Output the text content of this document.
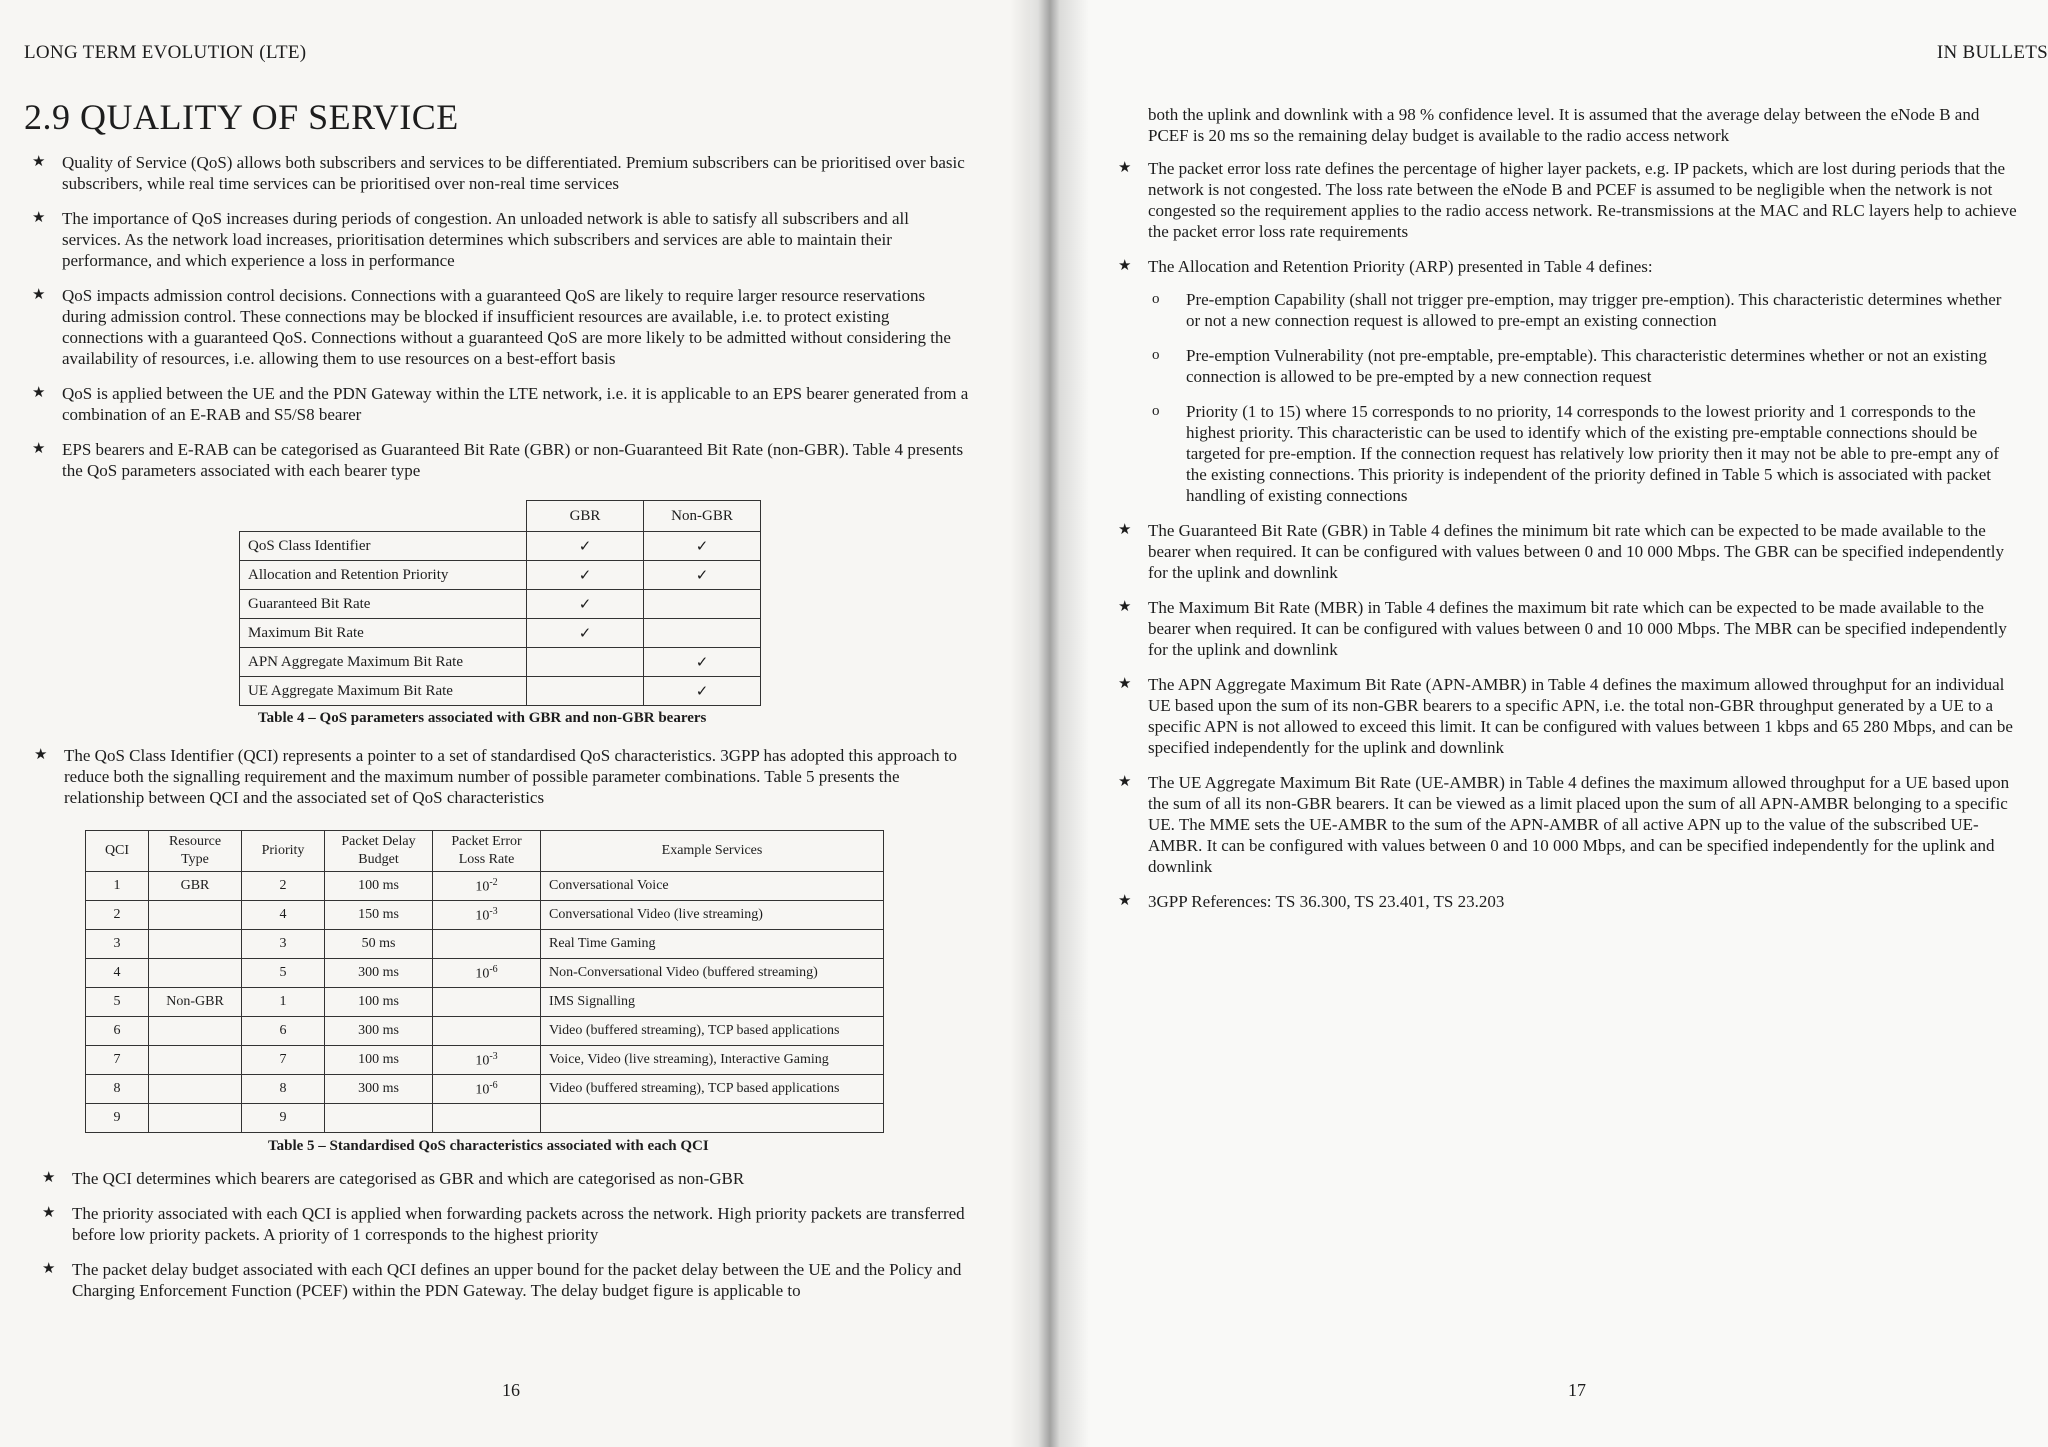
LONG TERM EVOLUTION (LTE)
2.9 QUALITY OF SERVICE
★ Quality of Service (QoS) allows both subscribers and services to be differentiated. Premium subscribers can be prioritised over basic subscribers, while real time services can be prioritised over non-real time services
★ The importance of QoS increases during periods of congestion. An unloaded network is able to satisfy all subscribers and all services. As the network load increases, prioritisation determines which subscribers and services are able to maintain their performance, and which experience a loss in performance
★ QoS impacts admission control decisions. Connections with a guaranteed QoS are likely to require larger resource reservations during admission control. These connections may be blocked if insufficient resources are available, i.e. to protect existing connections with a guaranteed QoS. Connections without a guaranteed QoS are more likely to be admitted without considering the availability of resources, i.e. allowing them to use resources on a best-effort basis
★ QoS is applied between the UE and the PDN Gateway within the LTE network, i.e. it is applicable to an EPS bearer generated from a combination of an E-RAB and S5/S8 bearer
★ EPS bearers and E-RAB can be categorised as Guaranteed Bit Rate (GBR) or non-Guaranteed Bit Rate (non-GBR). Table 4 presents the QoS parameters associated with each bearer type
	GBR	Non-GBR
QoS Class Identifier	✓	✓
Allocation and Retention Priority	✓	✓
Guaranteed Bit Rate	✓	
Maximum Bit Rate	✓	
APN Aggregate Maximum Bit Rate		✓
UE Aggregate Maximum Bit Rate		✓
Table 4 – QoS parameters associated with GBR and non-GBR bearers
★ The QoS Class Identifier (QCI) represents a pointer to a set of standardised QoS characteristics. 3GPP has adopted this approach to reduce both the signalling requirement and the maximum number of possible parameter combinations. Table 5 presents the relationship between QCI and the associated set of QoS characteristics
QCI	Resource Type	Priority	Packet Delay Budget	Packet Error Loss Rate	Example Services
1	GBR	2	100 ms	$10^{-2}$	Conversational Voice
2		4	150 ms	$10^{-3}$	Conversational Video (live streaming)
3		3	50 ms		Real Time Gaming
4		5	300 ms	$10^{-6}$	Non-Conversational Video (buffered streaming)
5	Non-GBR	1	100 ms		IMS Signalling
6		6	300 ms		Video (buffered streaming), TCP based applications
7		7	100 ms	$10^{-3}$	Voice, Video (live streaming), Interactive Gaming
8		8	300 ms	$10^{-6}$	Video (buffered streaming), TCP based applications
9		9			
Table 5 – Standardised QoS characteristics associated with each QCI
★ The QCI determines which bearers are categorised as GBR and which are categorised as non-GBR
★ The priority associated with each QCI is applied when forwarding packets across the network. High priority packets are transferred before low priority packets. A priority of 1 corresponds to the highest priority
★ The packet delay budget associated with each QCI defines an upper bound for the packet delay between the UE and the Policy and Charging Enforcement Function (PCEF) within the PDN Gateway. The delay budget figure is applicable to
16
IN BULLETS
both the uplink and downlink with a 98 % confidence level. It is assumed that the average delay between the eNode B and PCEF is 20 ms so the remaining delay budget is available to the radio access network
★ The packet error loss rate defines the percentage of higher layer packets, e.g. IP packets, which are lost during periods that the network is not congested. The loss rate between the eNode B and PCEF is assumed to be negligible when the network is not congested so the requirement applies to the radio access network. Re-transmissions at the MAC and RLC layers help to achieve the packet error loss rate requirements
★ The Allocation and Retention Priority (ARP) presented in Table 4 defines:
o Pre-emption Capability (shall not trigger pre-emption, may trigger pre-emption). This characteristic determines whether or not a new connection request is allowed to pre-empt an existing connection
o Pre-emption Vulnerability (not pre-emptable, pre-emptable). This characteristic determines whether or not an existing connection is allowed to be pre-empted by a new connection request
o Priority (1 to 15) where 15 corresponds to no priority, 14 corresponds to the lowest priority and 1 corresponds to the highest priority. This characteristic can be used to identify which of the existing pre-emptable connections should be targeted for pre-emption. If the connection request has relatively low priority then it may not be able to pre-empt any of the existing connections. This priority is independent of the priority defined in Table 5 which is associated with packet handling of existing connections
★ The Guaranteed Bit Rate (GBR) in Table 4 defines the minimum bit rate which can be expected to be made available to the bearer when required. It can be configured with values between 0 and 10 000 Mbps. The GBR can be specified independently for the uplink and downlink
★ The Maximum Bit Rate (MBR) in Table 4 defines the maximum bit rate which can be expected to be made available to the bearer when required. It can be configured with values between 0 and 10 000 Mbps. The MBR can be specified independently for the uplink and downlink
★ The APN Aggregate Maximum Bit Rate (APN-AMBR) in Table 4 defines the maximum allowed throughput for an individual UE based upon the sum of its non-GBR bearers to a specific APN, i.e. the total non-GBR throughput generated by a UE to a specific APN is not allowed to exceed this limit. It can be configured with values between 1 kbps and 65 280 Mbps, and can be specified independently for the uplink and downlink
★ The UE Aggregate Maximum Bit Rate (UE-AMBR) in Table 4 defines the maximum allowed throughput for a UE based upon the sum of all its non-GBR bearers. It can be viewed as a limit placed upon the sum of all APN-AMBR belonging to a specific UE. The MME sets the UE-AMBR to the sum of the APN-AMBR of all active APN up to the value of the subscribed UE-AMBR. It can be configured with values between 0 and 10 000 Mbps, and can be specified independently for the uplink and downlink
★ 3GPP References: TS 36.300, TS 23.401, TS 23.203
17
